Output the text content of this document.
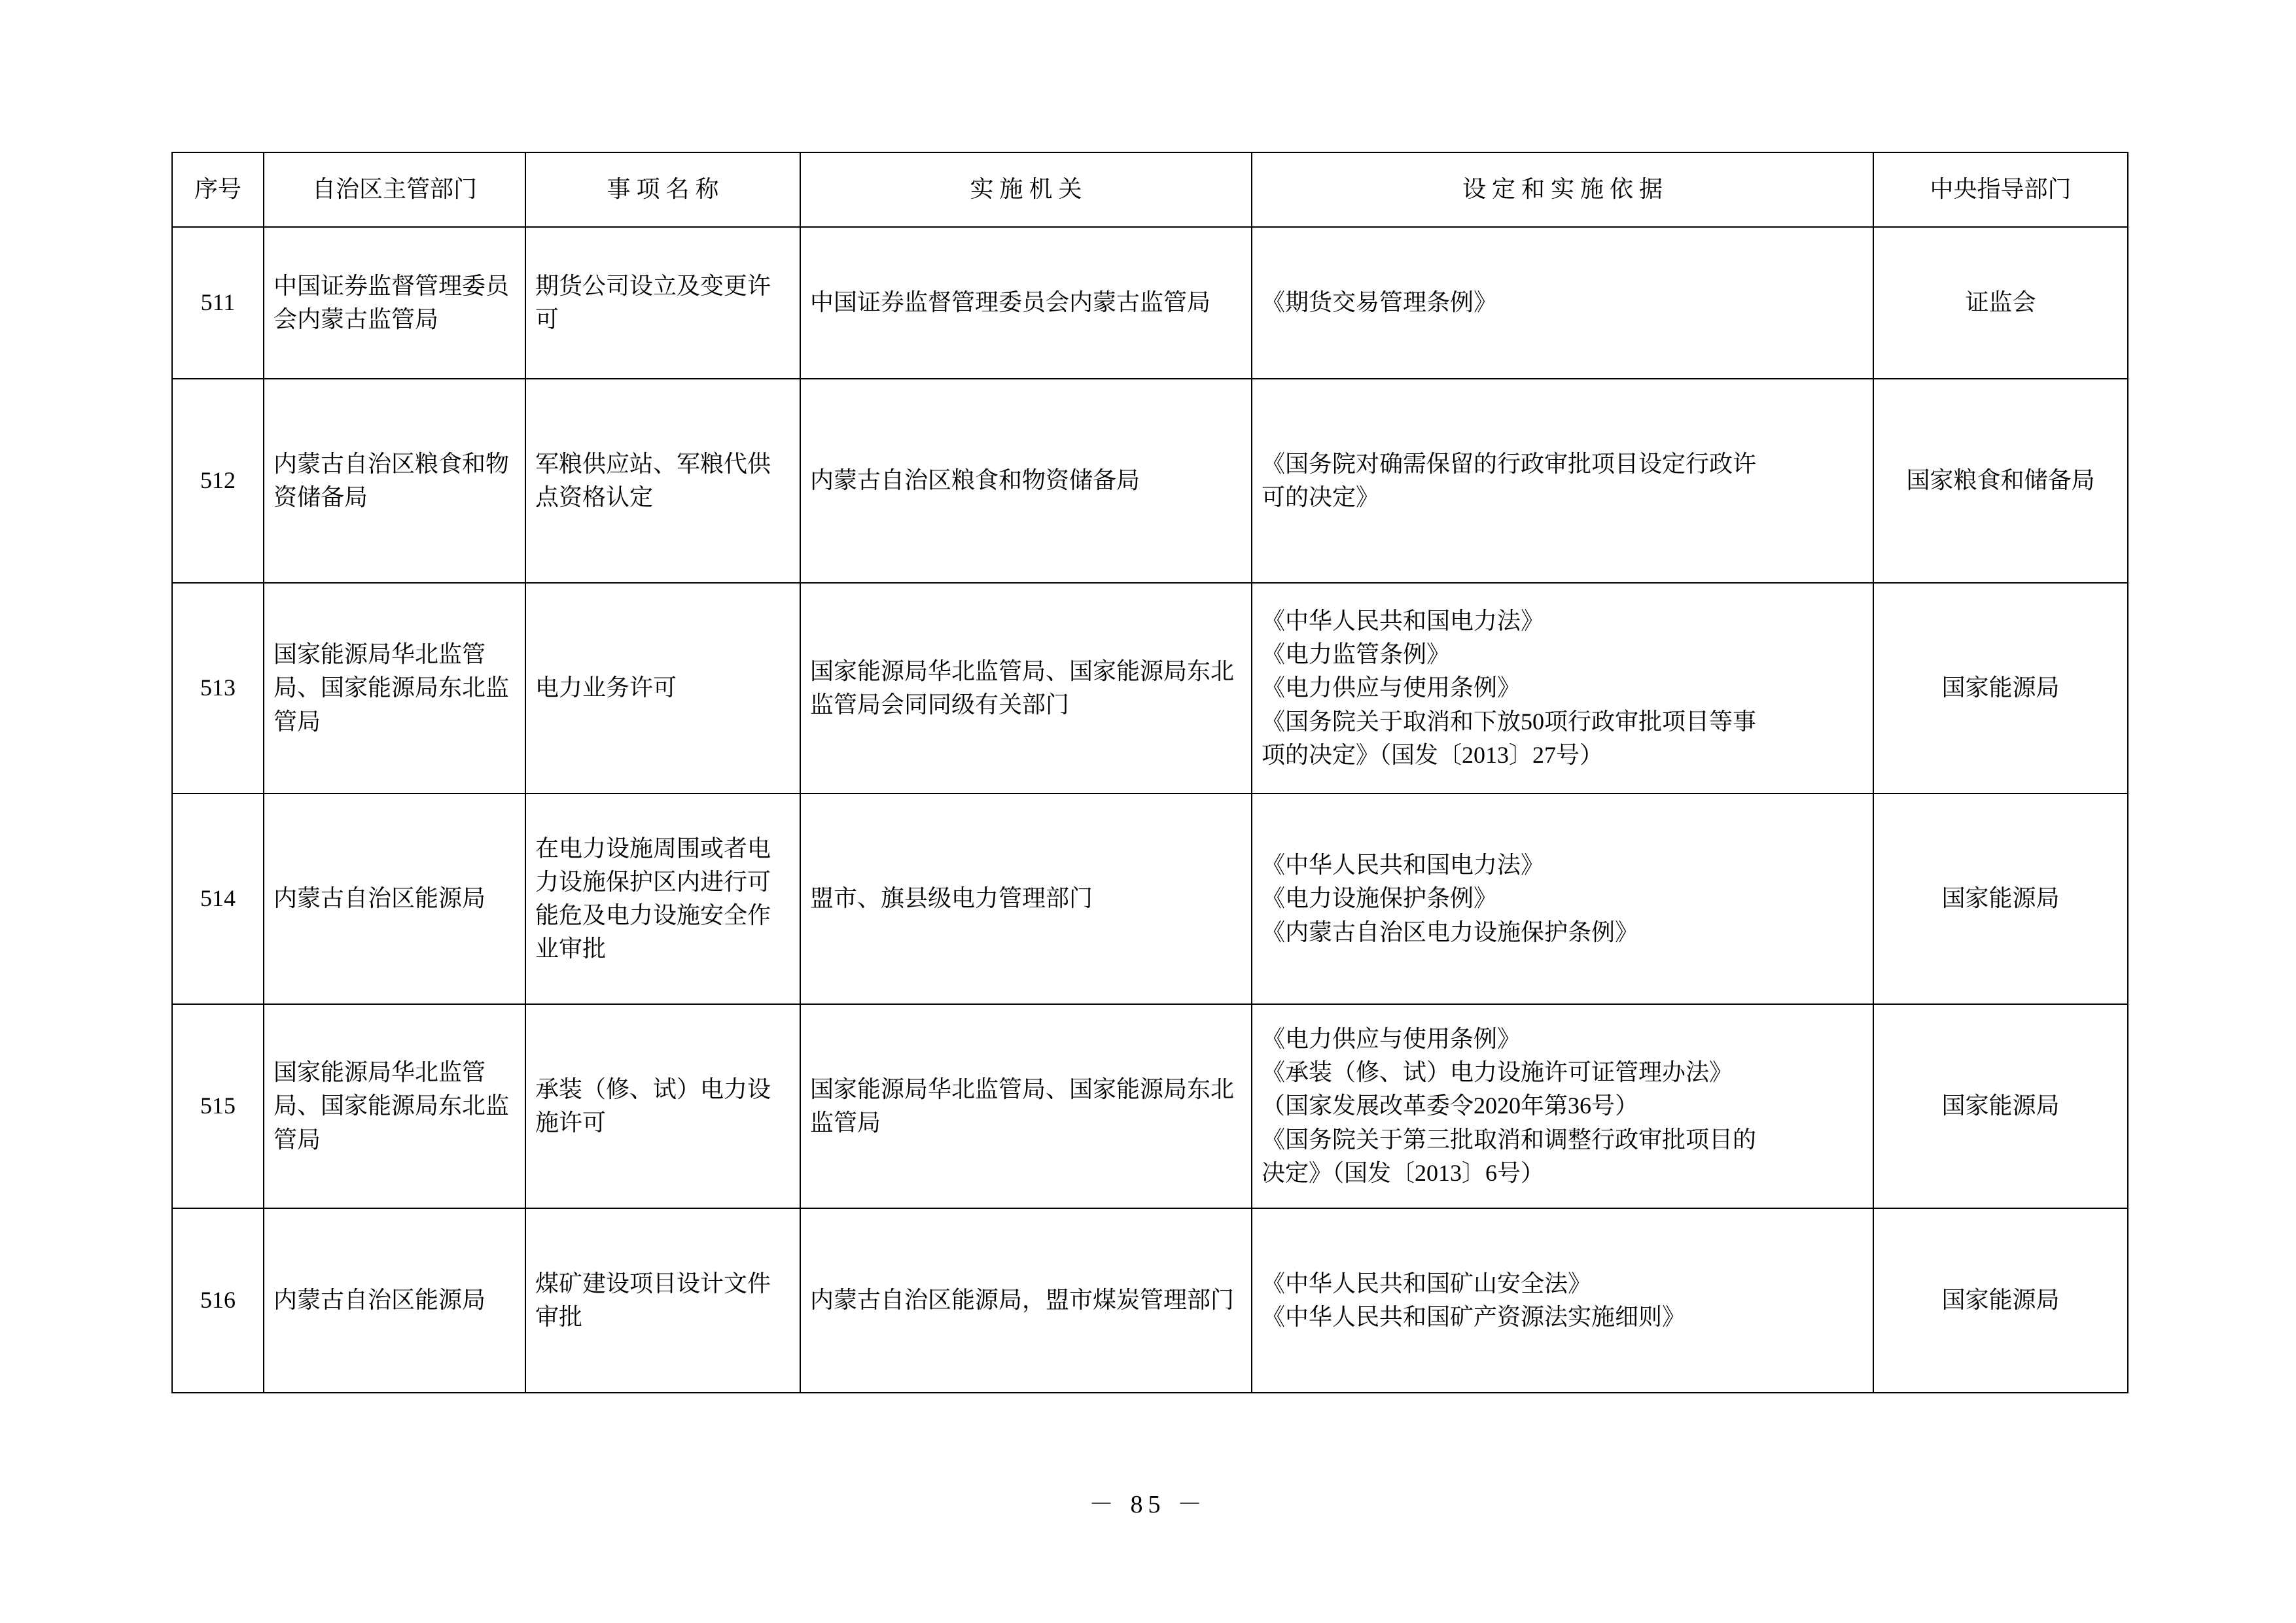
序号	自治区主管部门	事 项 名 称	实 施 机 关	设 定 和 实 施 依 据	中央指导部门
511	中国证券监督管理委员会内蒙古监管局	期货公司设立及变更许可	中国证券监督管理委员会内蒙古监管局	《期货交易管理条例》	证监会
512	内蒙古自治区粮食和物资储备局	军粮供应站、军粮代供点资格认定	内蒙古自治区粮食和物资储备局	《国务院对确需保留的行政审批项目设定行政许
可的决定》	国家粮食和储备局
513	国家能源局华北监管局、国家能源局东北监管局	电力业务许可	国家能源局华北监管局、国家能源局东北监管局会同同级有关部门	《中华人民共和国电力法》
《电力监管条例》
《电力供应与使用条例》
《国务院关于取消和下放50项行政审批项目等事
项的决定》（国发〔2013〕27号）	国家能源局
514	内蒙古自治区能源局	在电力设施周围或者电力设施保护区内进行可能危及电力设施安全作业审批	盟市、旗县级电力管理部门	《中华人民共和国电力法》
《电力设施保护条例》
《内蒙古自治区电力设施保护条例》	国家能源局
515	国家能源局华北监管局、国家能源局东北监管局	承装（修、试）电力设施许可	国家能源局华北监管局、国家能源局东北监管局	《电力供应与使用条例》
《承装（修、试）电力设施许可证管理办法》
（国家发展改革委令2020年第36号）
《国务院关于第三批取消和调整行政审批项目的
决定》（国发〔2013〕6号）	国家能源局
516	内蒙古自治区能源局	煤矿建设项目设计文件审批	内蒙古自治区能源局，盟市煤炭管理部门	《中华人民共和国矿山安全法》
《中华人民共和国矿产资源法实施细则》	国家能源局
－ 85 －
